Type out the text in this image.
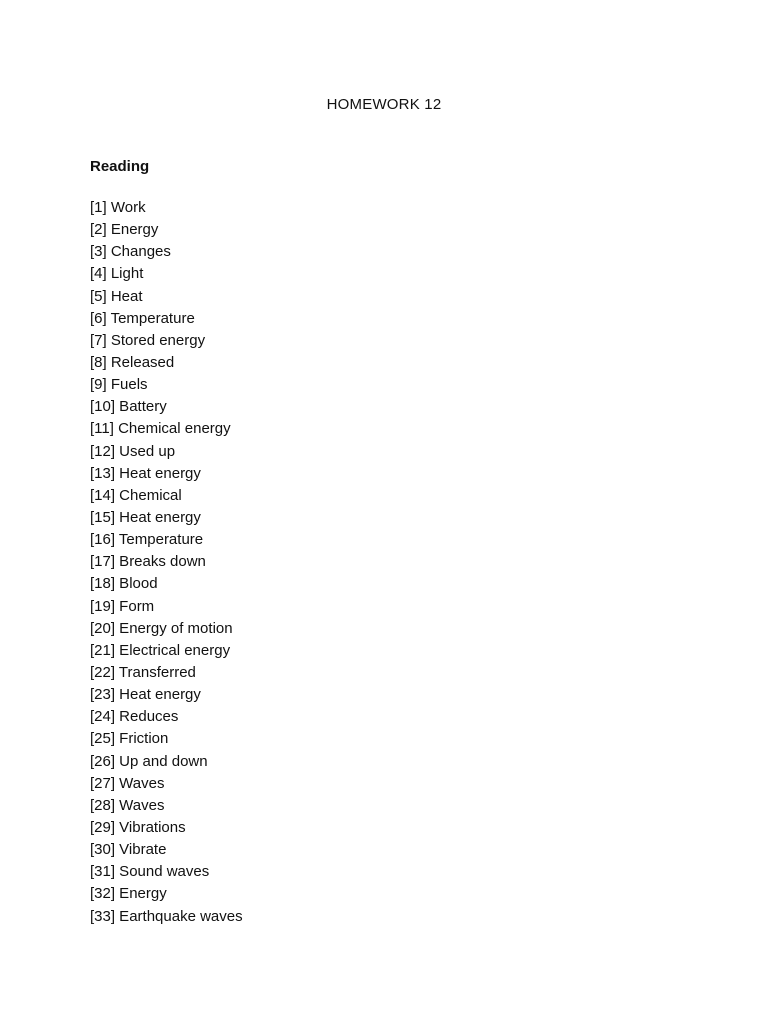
HOMEWORK 12
Reading
[1] Work
[2] Energy
[3] Changes
[4] Light
[5] Heat
[6] Temperature
[7] Stored energy
[8] Released
[9] Fuels
[10] Battery
[11] Chemical energy
[12] Used up
[13] Heat energy
[14] Chemical
[15] Heat energy
[16] Temperature
[17] Breaks down
[18] Blood
[19] Form
[20] Energy of motion
[21] Electrical energy
[22] Transferred
[23] Heat energy
[24] Reduces
[25] Friction
[26] Up and down
[27] Waves
[28] Waves
[29] Vibrations
[30] Vibrate
[31] Sound waves
[32] Energy
[33] Earthquake waves
